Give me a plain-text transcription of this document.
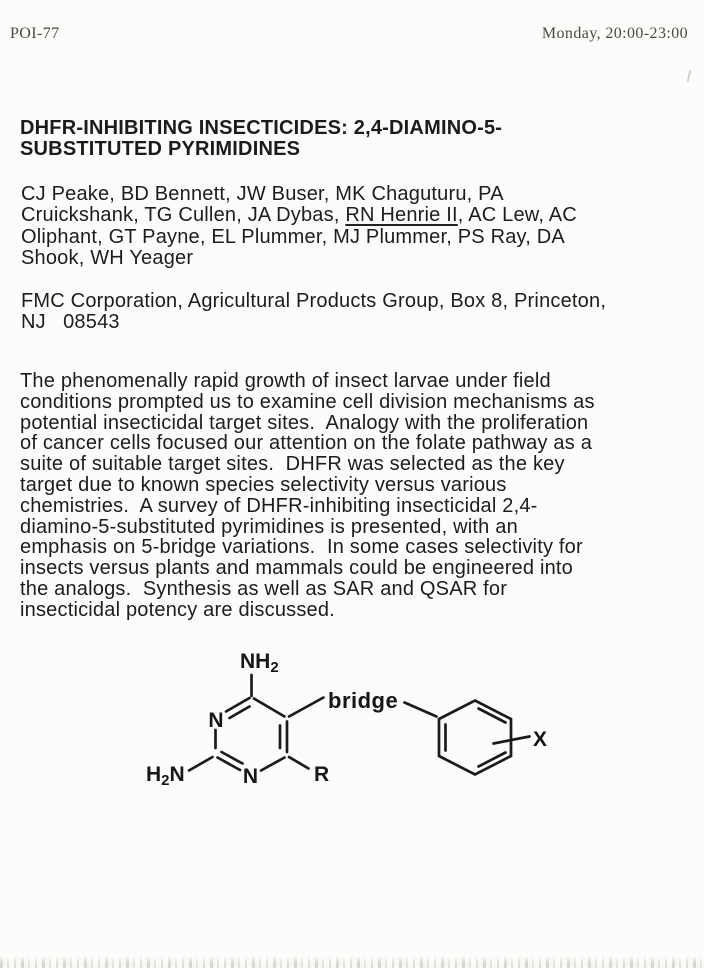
POI-77	Monday, 20:00-23:00
DHFR-INHIBITING INSECTICIDES: 2,4-DIAMINO-5-
SUBSTITUTED PYRIMIDINES
CJ Peake, BD Bennett, JW Buser, MK Chaguturu, PA
Cruickshank, TG Cullen, JA Dybas, RN Henrie II, AC Lew, AC
Oliphant, GT Payne, EL Plummer, MJ Plummer, PS Ray, DA
Shook, WH Yeager
FMC Corporation, Agricultural Products Group, Box 8, Princeton,
NJ   08543
The phenomenally rapid growth of insect larvae under field
conditions prompted us to examine cell division mechanisms as
potential insecticidal target sites.  Analogy with the proliferation
of cancer cells focused our attention on the folate pathway as a
suite of suitable target sites.  DHFR was selected as the key
target due to known species selectivity versus various
chemistries.  A survey of DHFR-inhibiting insecticidal 2,4-
diamino-5-substituted pyrimidines is presented, with an
emphasis on 5-bridge variations.  In some cases selectivity for
insects versus plants and mammals could be engineered into
the analogs.  Synthesis as well as SAR and QSAR for
insecticidal potency are discussed.
NH2
N
H2N	N	R
bridge
X
